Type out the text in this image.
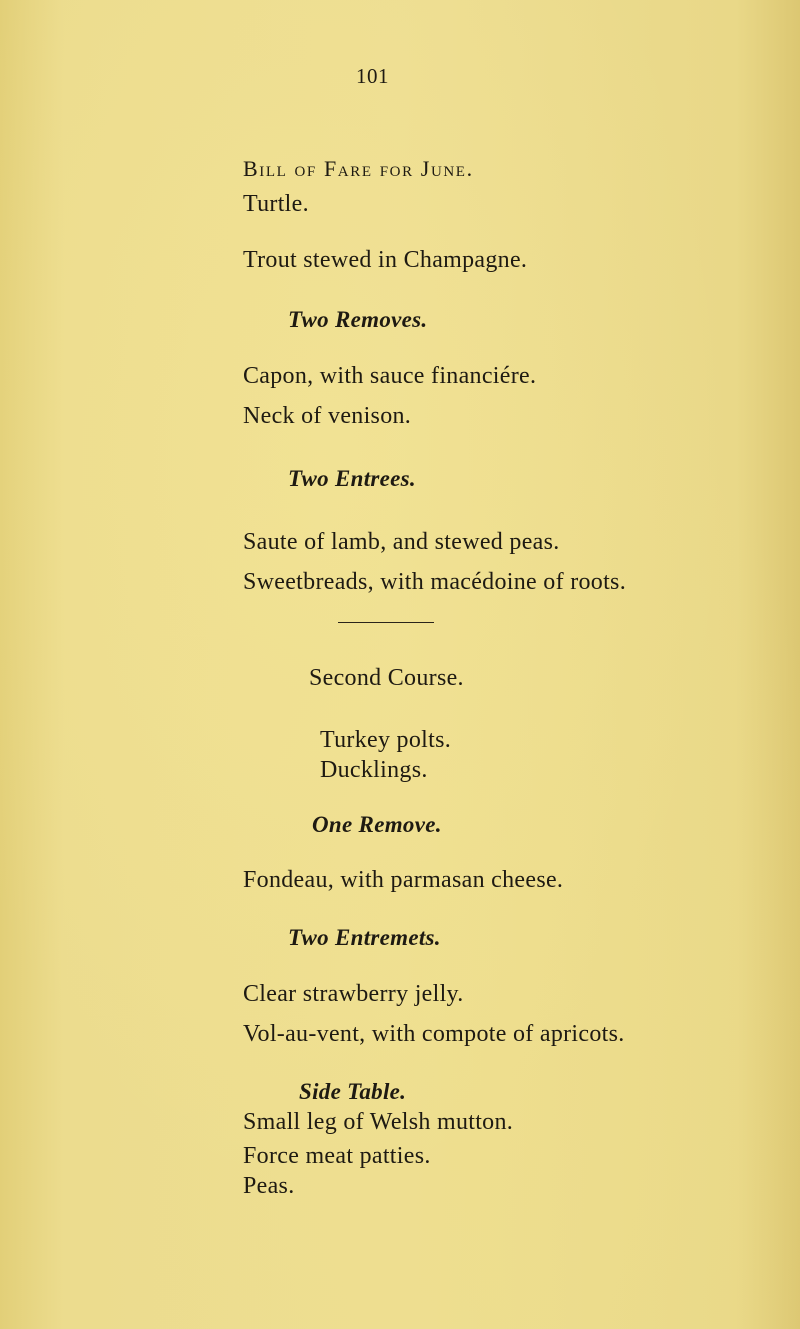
101
Bill of Fare for June.
Turtle.
Trout stewed in Champagne.
Two Removes.
Capon, with sauce financiére.
Neck of venison.
Two Entrees.
Saute of lamb, and stewed peas.
Sweetbreads, with macédoine of roots.
Second Course.
Turkey polts.
Ducklings.
One Remove.
Fondeau, with parmasan cheese.
Two Entremets.
Clear strawberry jelly.
Vol-au-vent, with compote of apricots.
Side Table.
Small leg of Welsh mutton.
Force meat patties.
Peas.
